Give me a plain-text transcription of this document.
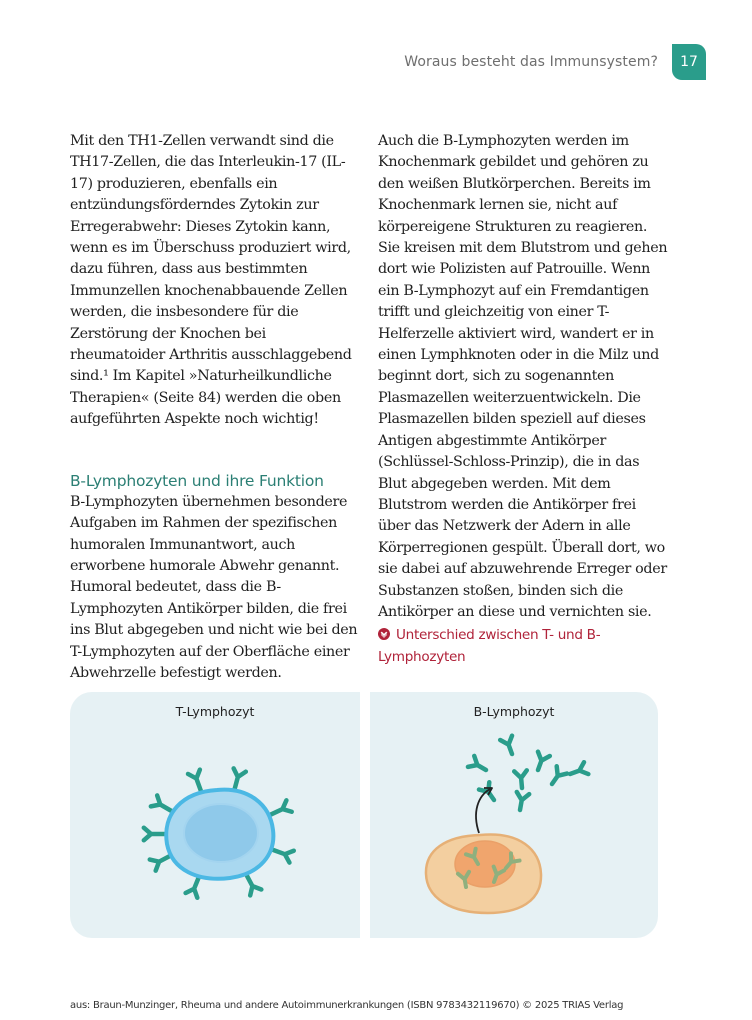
Woraus besteht das Immunsystem?	17

Mit den TH1-Zellen verwandt sind die TH17-Zellen, die das Interleukin-17 (IL-17) produzieren, ebenfalls ein entzündungsförderndes Zytokin zur Erregerabwehr: Dieses Zytokin kann, wenn es im Überschuss produziert wird, dazu führen, dass aus bestimmten Immunzellen knochenabbauende Zellen werden, die insbesondere für die Zerstörung der Knochen bei rheumatoider Arthritis ausschlaggebend sind.¹ Im Kapitel »Naturheilkundliche Therapien« (Seite 84) werden die oben aufgeführten Aspekte noch wichtig!

B-Lymphozyten und ihre Funktion

B-Lymphozyten übernehmen besondere Aufgaben im Rahmen der spezifischen humoralen Immunantwort, auch erworbene humorale Abwehr genannt. Humoral bedeutet, dass die B-Lymphozyten Antikörper bilden, die frei ins Blut abgegeben und nicht wie bei den T-Lymphozyten auf der Oberfläche einer Abwehrzelle befestigt werden.

Auch die B-Lymphozyten werden im Knochenmark gebildet und gehören zu den weißen Blutkörperchen. Bereits im Knochenmark lernen sie, nicht auf körpereigene Strukturen zu reagieren. Sie kreisen mit dem Blutstrom und gehen dort wie Polizisten auf Patrouille. Wenn ein B-Lymphozyt auf ein Fremdantigen trifft und gleichzeitig von einer T-Helferzelle aktiviert wird, wandert er in einen Lymphknoten oder in die Milz und beginnt dort, sich zu sogenannten Plasmazellen weiterzuentwickeln. Die Plasmazellen bilden speziell auf dieses Antigen abgestimmte Antikörper (Schlüssel-Schloss-Prinzip), die in das Blut abgegeben werden. Mit dem Blutstrom werden die Antikörper frei über das Netzwerk der Adern in alle Körperregionen gespült. Überall dort, wo sie dabei auf abzuwehrende Erreger oder Substanzen stoßen, binden sich die Antikörper an diese und vernichten sie.

Unterschied zwischen T- und B-Lymphozyten
T-Lymphozyt	B-Lymphozyt
aus: Braun-Munzinger, Rheuma und andere Autoimmunerkrankungen (ISBN 9783432119670) © 2025 TRIAS Verlag
